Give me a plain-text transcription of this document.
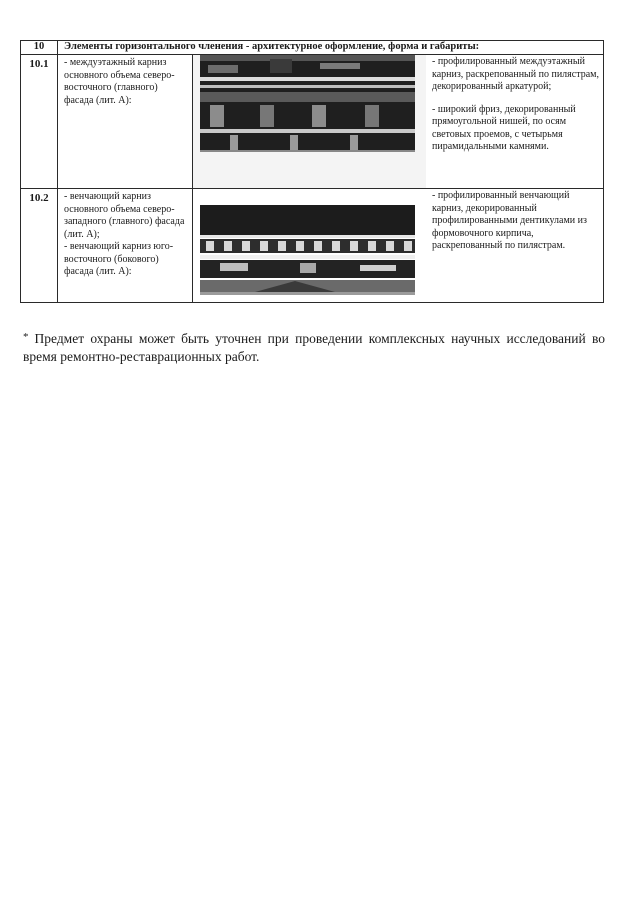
10	Элементы горизонтального членения - архитектурное оформление, форма и габариты:		
10.1	- междуэтажный карниз основного объема северо-восточного (главного) фасада (лит. А):		- профилированный междуэтажный карниз, раскрепованный по пилястрам, декорированный аркатурой;

- широкий фриз, декорированный прямоугольной нишей, по осям световых проемов, с четырьмя пирамидальными камнями.

10.2	- венчающий карниз основного объема северо-западного (главного) фасада (лит. А);

- венчающий карниз юго-восточного (бокового) фасада (лит. А):		- профилированный венчающий карниз, декорированный профилированными дентикулами из формовочного кирпича, раскрепованный по пилястрам.

* Предмет охраны может быть уточнен при проведении комплексных научных исследований во время ремонтно-реставрационных работ.
